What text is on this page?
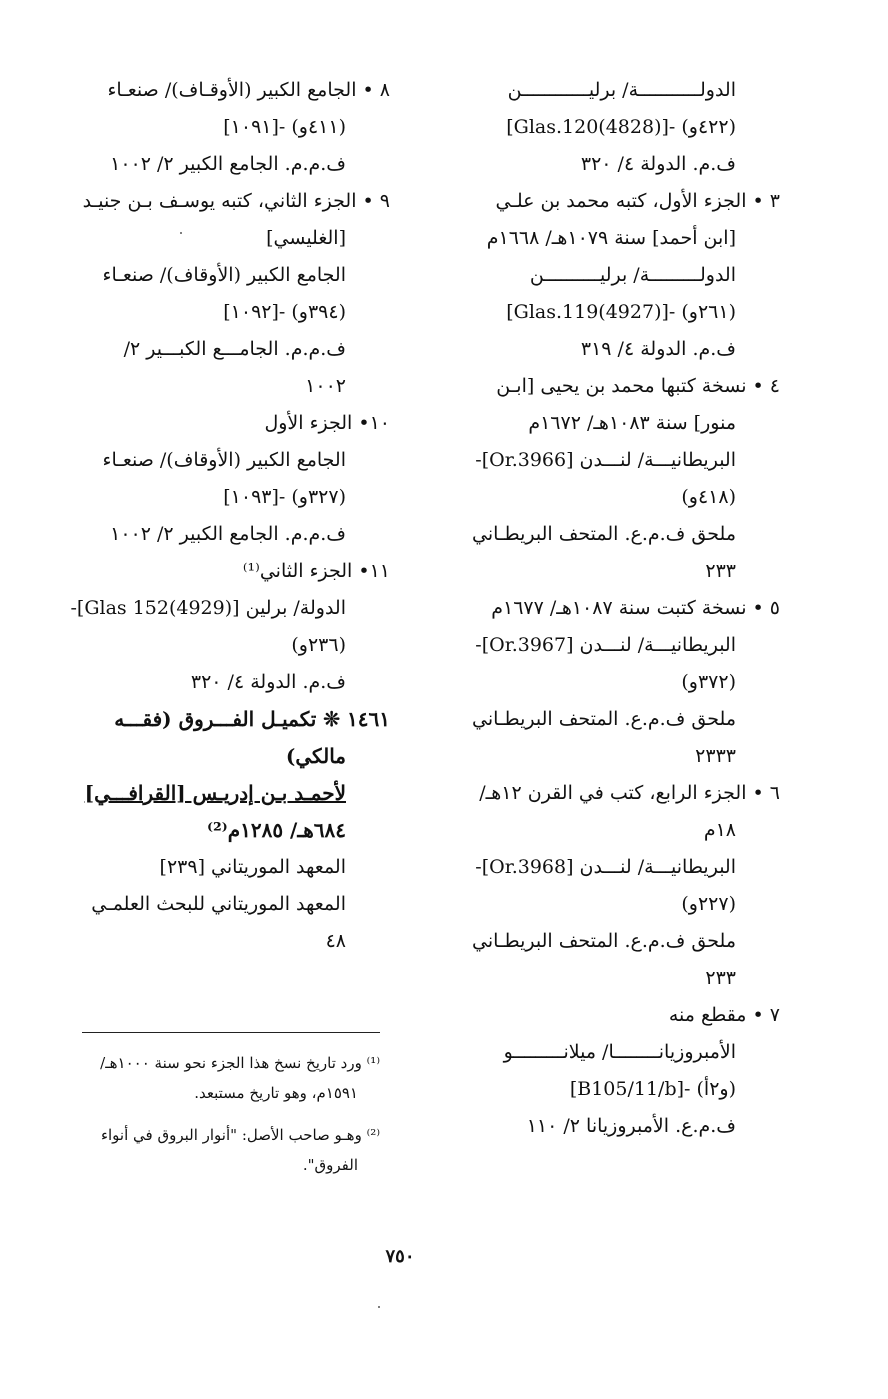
الدولـــــــــــة/ برليــــــــــــن
(٤٢٢و) -[(4828)Glas.120]
ف.م. الدولة ٤/ ٣٢٠
٣ • الجزء الأول، كتبه محمد بن علـي
[ابن أحمد] سنة ١٠٧٩هـ/ ١٦٦٨م
الدولـــــــــة/ برليــــــــــن
(٢٦١و) -[(4927)Glas.119]
ف.م. الدولة ٤/ ٣١٩
٤ • نسخة كتبها محمد بن يحيى [ابـن
منور] سنة ١٠٨٣هـ/ ١٦٧٢م
البريطانيـــة/ لنـــدن [Or.3966]-
(٤١٨و)
ملحق ف.م.ع. المتحف البريطـاني
٢٣٣
٥ • نسخة كتبت سنة ١٠٨٧هـ/ ١٦٧٧م
البريطانيـــة/ لنـــدن [Or.3967]-
(٣٧٢و)
ملحق ف.م.ع. المتحف البريطـاني
٢٣٣٣
٦ • الجزء الرابع، كتب في القرن ١٢هـ/
١٨م
البريطانيـــة/ لنـــدن [Or.3968]-
(٢٢٧و)
ملحق ف.م.ع. المتحف البريطـاني
٢٣٣
٧ • مقطع منه
الأمبروزيانــــــــا/ ميلانـــــــــو
(و٢أ) -[B105/11/b]
ف.م.ع. الأمبروزيانا ٢/ ١١٠
٨ • الجامع الكبير (الأوقـاف)/ صنعـاء
(٤١١و) -[١٠٩١]
ف.م.م. الجامع الكبير ٢/ ١٠٠٢
٩ • الجزء الثاني، كتبه يوسـف بـن جنيـد
[الغليسي]
الجامع الكبير (الأوقاف)/ صنعـاء
(٣٩٤و) -[١٠٩٢]
ف.م.م. الجامـــع الكبـــير ٢/
١٠٠٢
١٠• الجزء الأول
الجامع الكبير (الأوقاف)/ صنعـاء
(٣٢٧و) -[١٠٩٣]
ف.م.م. الجامع الكبير ٢/ ١٠٠٢
١١• الجزء الثاني⁽¹⁾
الدولة/ برلين [Glas 152(4929)]-
(٢٣٦و)
ف.م. الدولة ٤/ ٣٢٠
١٤٦١ ❊ تكميـل الفـــروق (فقـــه
مالكي)
لأحمـد بـن إدريـس [القرافـــي]
٦٨٤هـ/ ١٢٨٥م⁽²⁾
المعهد الموريتاني [٢٣٩]
المعهد الموريتاني للبحث العلمـي
٤٨
⁽¹⁾ ورد تاريخ نسخ هذا الجزء نحو سنة ١٠٠٠هـ/
١٥٩١م، وهو تاريخ مستبعد.
⁽²⁾ وهـو صاحب الأصل: "أنوار البروق في أنواء
الفروق".
٧٥٠
